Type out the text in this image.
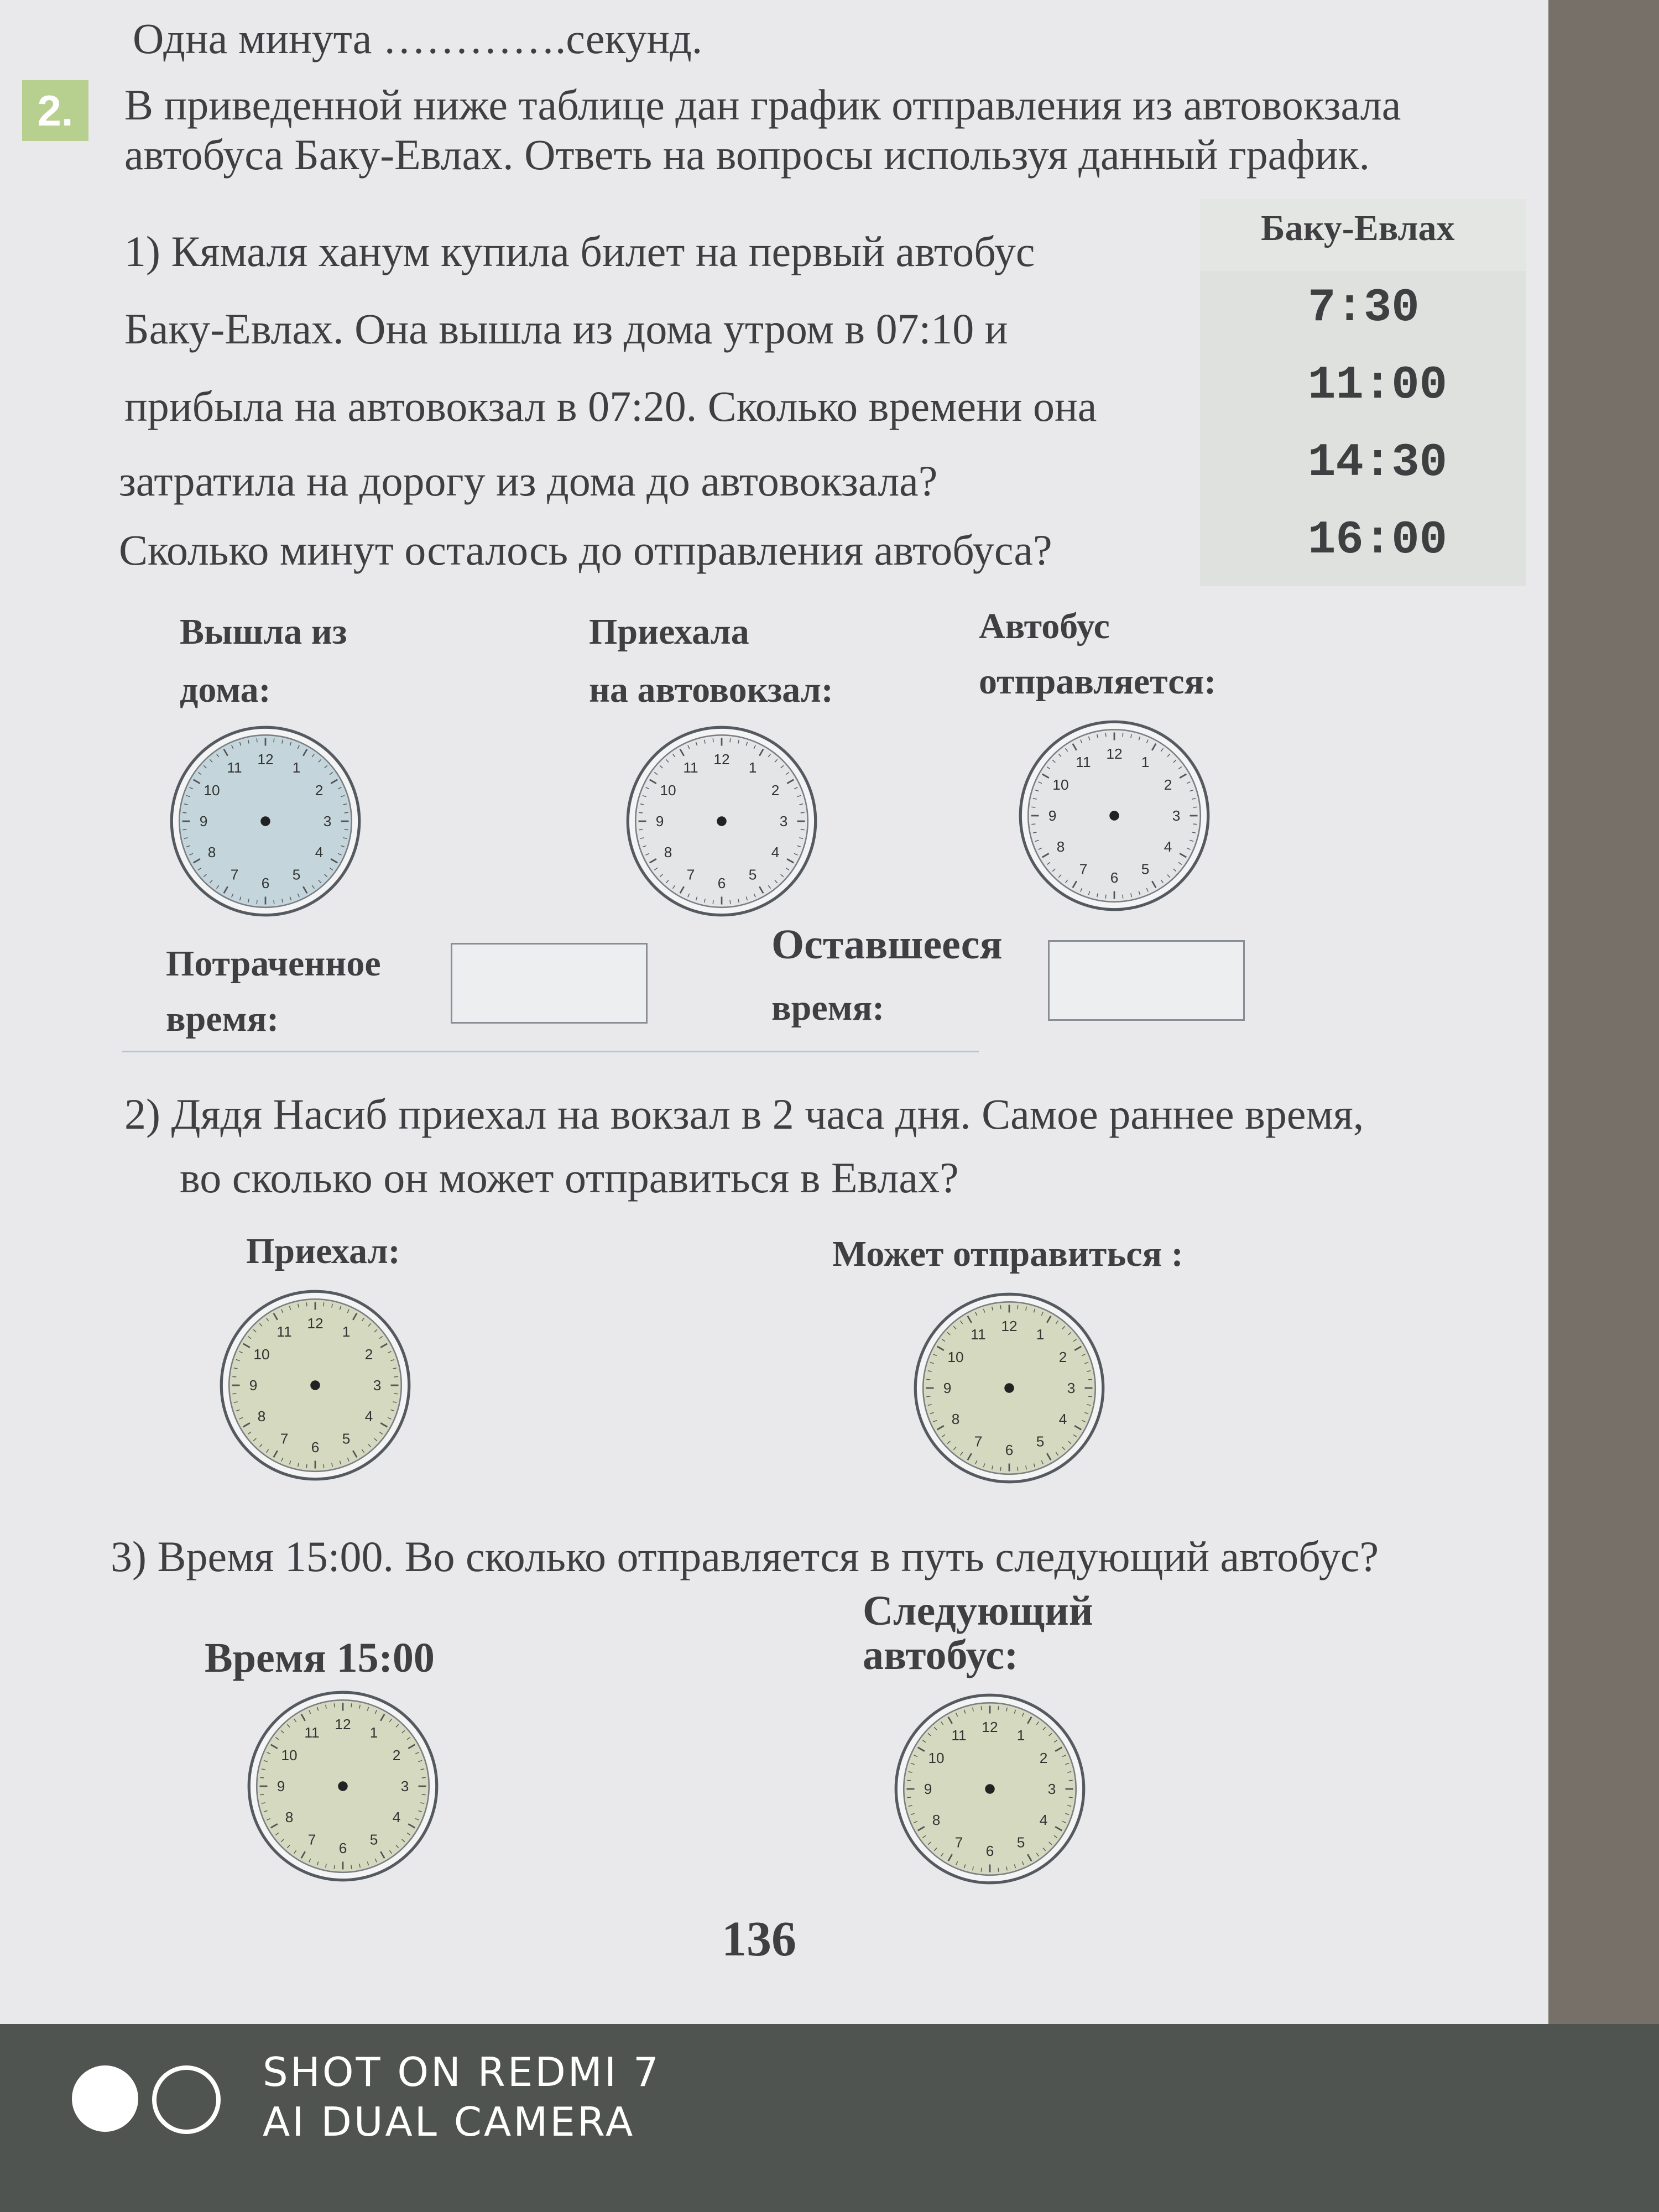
Одна минута ………….секунд.
2.	В приведенной ниже таблице дан график отправления из автовокзала
автобуса Баку-Евлах. Ответь на вопросы используя данный график.
Баку-Евлах
7:30
11:00
14:30
16:00
1) Кямаля ханум купила билет на первый автобус
Баку-Евлах. Она вышла из дома утром в 07:10 и
прибыла на автовокзал в 07:20. Сколько времени она
затратила на дорогу из дома до автовокзала?
Сколько минут осталось до отправления автобуса?
Вышла из
дома:
Приехала
на автовокзал:
Автобус
отправляется:
12
1
2
3
4
5
6
7
8
9
10
11
12
1
2
3
4
5
6
7
8
9
10
11
12
1
2
3
4
5
6
7
8
9
10
11
Потраченное
время:
Оставшееся
время:
2) Дядя Насиб приехал на вокзал в 2 часа дня. Самое раннее время,
во сколько он может отправиться в Евлах?
Приехал:	Может отправиться :
12
1
2
3
4
5
6
7
8
9
10
11	12
1
2
3
4
5
6
7
8
9
10
11
3) Время 15:00. Во сколько отправляется в путь следующий автобус?
Время 15:00
Следующий
автобус:
12
1
2
3
4
5
6
7
8
9
10
11	12
1
2
3
4
5
6
7
8
9
10
11
136
SHOT ON REDMI 7
AI DUAL CAMERA
